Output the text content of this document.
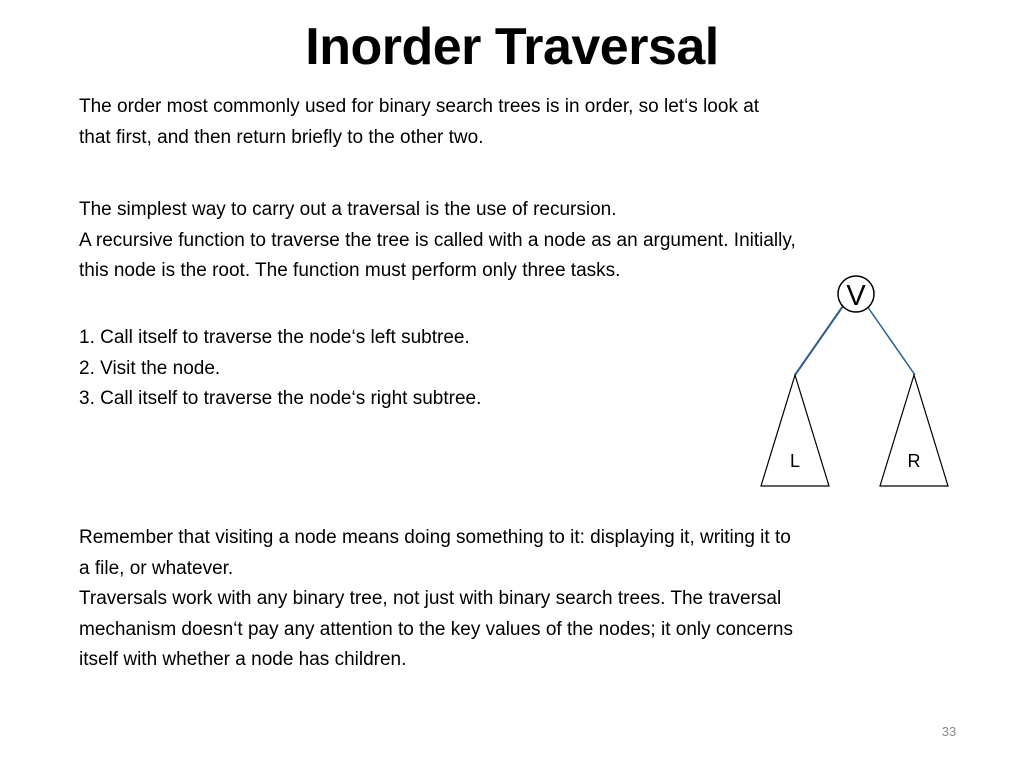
Inorder Traversal
The order most commonly used for binary search trees is in order, so let‘s look at
that first, and then return briefly to the other two.
The simplest way to carry out a traversal is the use of recursion.
A recursive function to traverse the tree is called with a node as an argument. Initially,
this node is the root. The function must perform only three tasks.
1. Call itself to traverse the node‘s left subtree.
2. Visit the node.
3. Call itself to traverse the node‘s right subtree.
V
L	R
Remember that visiting a node means doing something to it: displaying it, writing it to
a file, or whatever.
Traversals work with any binary tree, not just with binary search trees. The traversal
mechanism doesn‘t pay any attention to the key values of the nodes; it only concerns
itself with whether a node has children.
33
